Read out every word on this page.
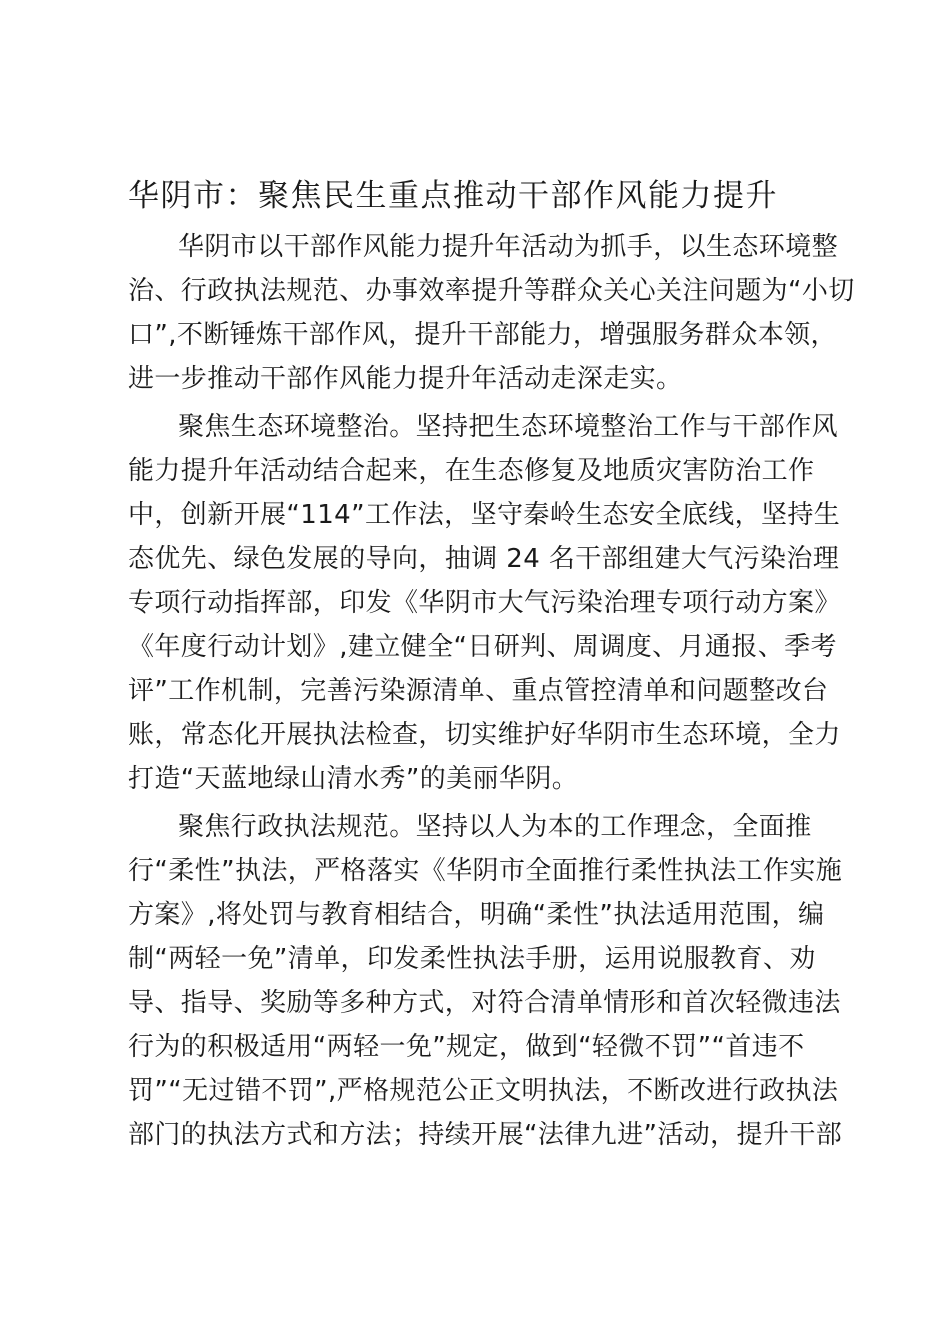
华阴市：聚焦民生重点推动干部作风能力提升

华阴市以干部作风能力提升年活动为抓手，以生态环境整

治、行政执法规范、办事效率提升等群众关心关注问题为“小切

口”,不断锤炼干部作风，提升干部能力，增强服务群众本领，

进一步推动干部作风能力提升年活动走深走实。

聚焦生态环境整治。坚持把生态环境整治工作与干部作风

能力提升年活动结合起来，在生态修复及地质灾害防治工作

中，创新开展“114”工作法，坚守秦岭生态安全底线，坚持生

态优先、绿色发展的导向，抽调 24 名干部组建大气污染治理

专项行动指挥部，印发《华阴市大气污染治理专项行动方案》

《年度行动计划》,建立健全“日研判、周调度、月通报、季考

评”工作机制，完善污染源清单、重点管控清单和问题整改台

账，常态化开展执法检查，切实维护好华阴市生态环境，全力

打造“天蓝地绿山清水秀”的美丽华阴。

聚焦行政执法规范。坚持以人为本的工作理念，全面推

行“柔性”执法，严格落实《华阴市全面推行柔性执法工作实施

方案》,将处罚与教育相结合，明确“柔性”执法适用范围，编

制“两轻一免”清单，印发柔性执法手册，运用说服教育、劝

导、指导、奖励等多种方式，对符合清单情形和首次轻微违法

行为的积极适用“两轻一免”规定，做到“轻微不罚”“首违不

罚”“无过错不罚”,严格规范公正文明执法，不断改进行政执法

部门的执法方式和方法；持续开展“法律九进”活动，提升干部
